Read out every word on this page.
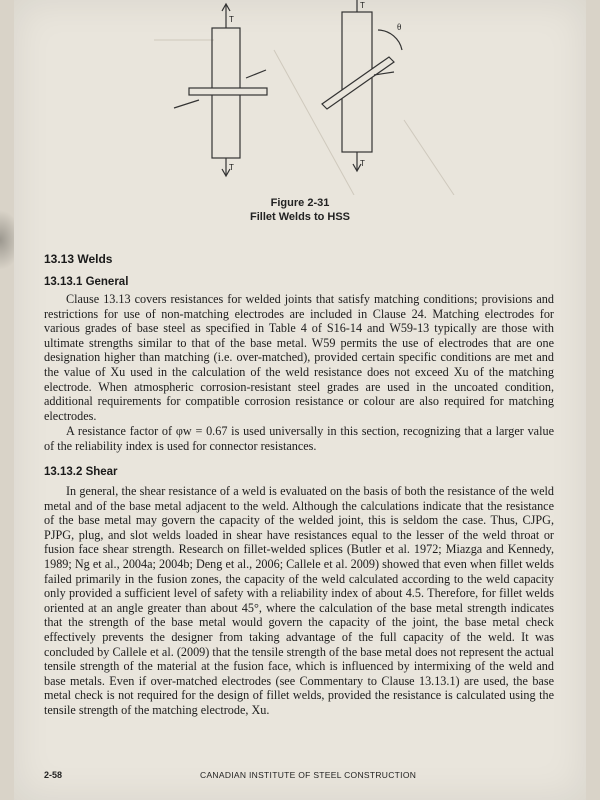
T
T
T
T
θ
Figure 2-31
Fillet Welds to HSS
13.13 Welds
13.13.1 General

Clause 13.13 covers resistances for welded joints that satisfy matching conditions; provisions and restrictions for use of non-matching electrodes are included in Clause 24. Matching electrodes for various grades of base steel as specified in Table 4 of S16-14 and W59-13 typically are those with ultimate strengths similar to that of the base metal. W59 permits the use of electrodes that are one designation higher than matching (i.e. over-matched), provided certain specific conditions are met and the value of Xu used in the calculation of the weld resistance does not exceed Xu of the matching electrode. When atmospheric corrosion-resistant steel grades are used in the uncoated condition, additional requirements for compatible corrosion resistance or colour are also required for matching electrodes.

A resistance factor of φw = 0.67 is used universally in this section, recognizing that a larger value of the reliability index is used for connector resistances.

13.13.2 Shear

In general, the shear resistance of a weld is evaluated on the basis of both the resistance of the weld metal and of the base metal adjacent to the weld. Although the calculations indicate that the resistance of the base metal may govern the capacity of the welded joint, this is seldom the case. Thus, CJPG, PJPG, plug, and slot welds loaded in shear have resistances equal to the lesser of the weld throat or fusion face shear strength. Research on fillet-welded splices (Butler et al. 1972; Miazga and Kennedy, 1989; Ng et al., 2004a; 2004b; Deng et al., 2006; Callele et al. 2009) showed that even when fillet welds failed primarily in the fusion zones, the capacity of the weld calculated according to the weld capacity only provided a sufficient level of safety with a reliability index of about 4.5. Therefore, for fillet welds oriented at an angle greater than about 45°, where the calculation of the base metal strength indicates that the strength of the base metal would govern the capacity of the joint, the base metal check effectively prevents the designer from taking advantage of the full capacity of the weld. It was concluded by Callele et al. (2009) that the tensile strength of the base metal does not represent the actual tensile strength of the material at the fusion face, which is influenced by intermixing of the weld and base metals. Even if over-matched electrodes (see Commentary to Clause 13.13.1) are used, the base metal check is not required for the design of fillet welds, provided the resistance is calculated using the tensile strength of the matching electrode, Xu.

2-58	CANADIAN INSTITUTE OF STEEL CONSTRUCTION
